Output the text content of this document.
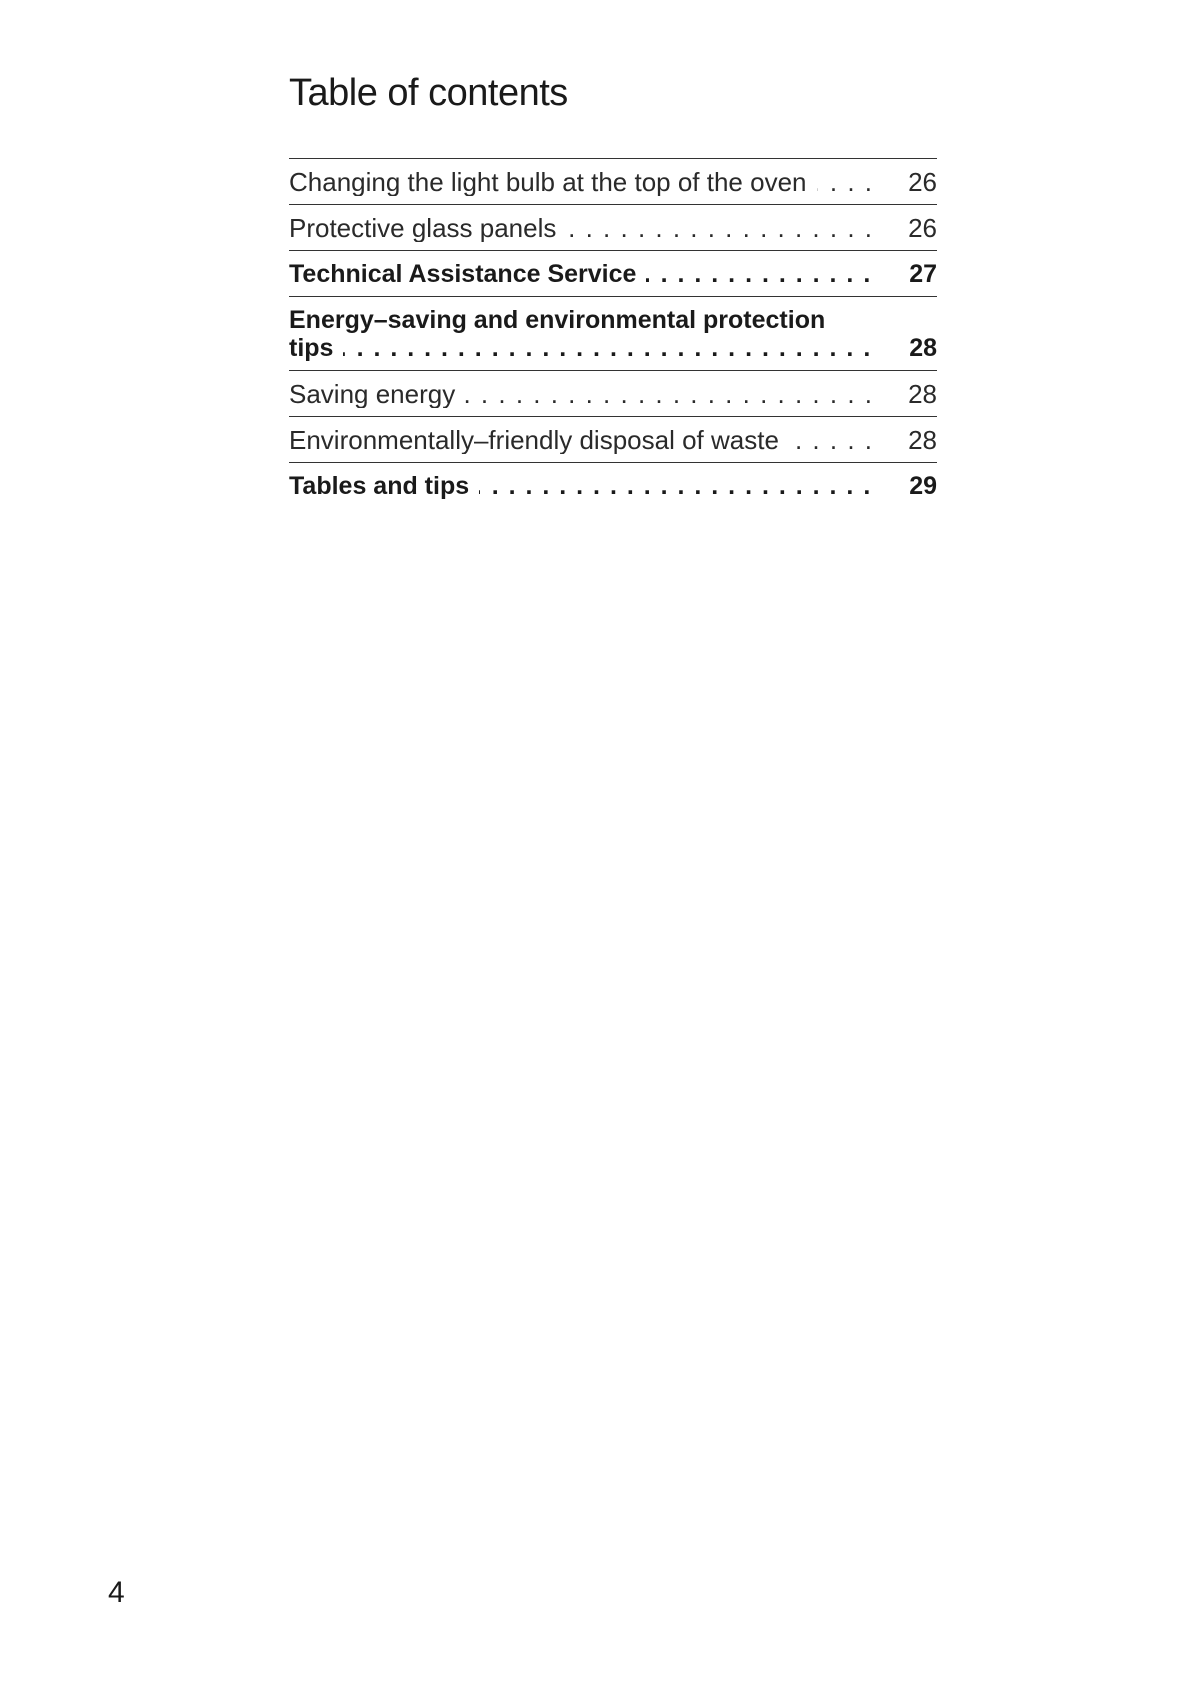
Table of contents
Changing the light bulb at the top of the oven . . .	26
Protective glass panels . . .	26
Technical Assistance Service . . .	27
Energy–saving and environmental protection
tips
. . .	28
Saving energy . . .	28
Environmentally–friendly disposal of waste . . .	28
Tables and tips . . .	29
4
